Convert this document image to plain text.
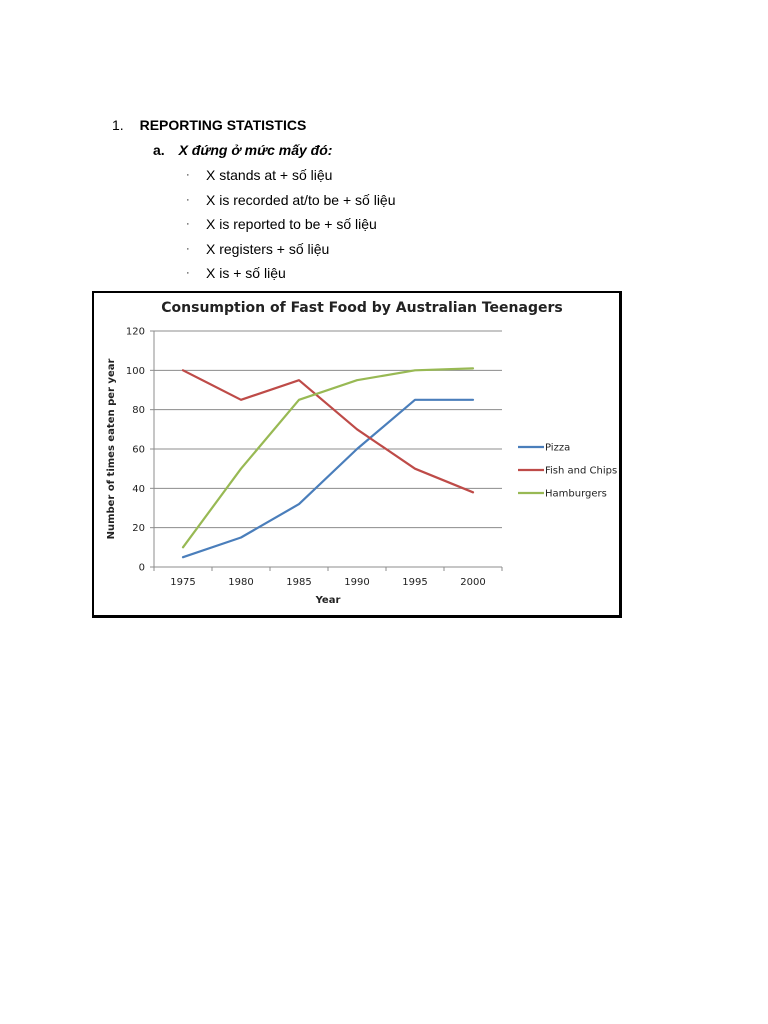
1. REPORTING STATISTICS
a. X đứng ở mức mấy đó:
·	X stands at + số liệu
·	X is recorded at/to be + số liệu
·	X is reported to be + số liệu
·	X registers + số liệu
·	X is + số liệu
Consumption of Fast Food by Australian Teenagers
0
20
40
60
80
100
120
1975	1980	1985	1990	1995	2000
Number of times eaten per year
Year
Pizza
Fish and Chips
Hamburgers
